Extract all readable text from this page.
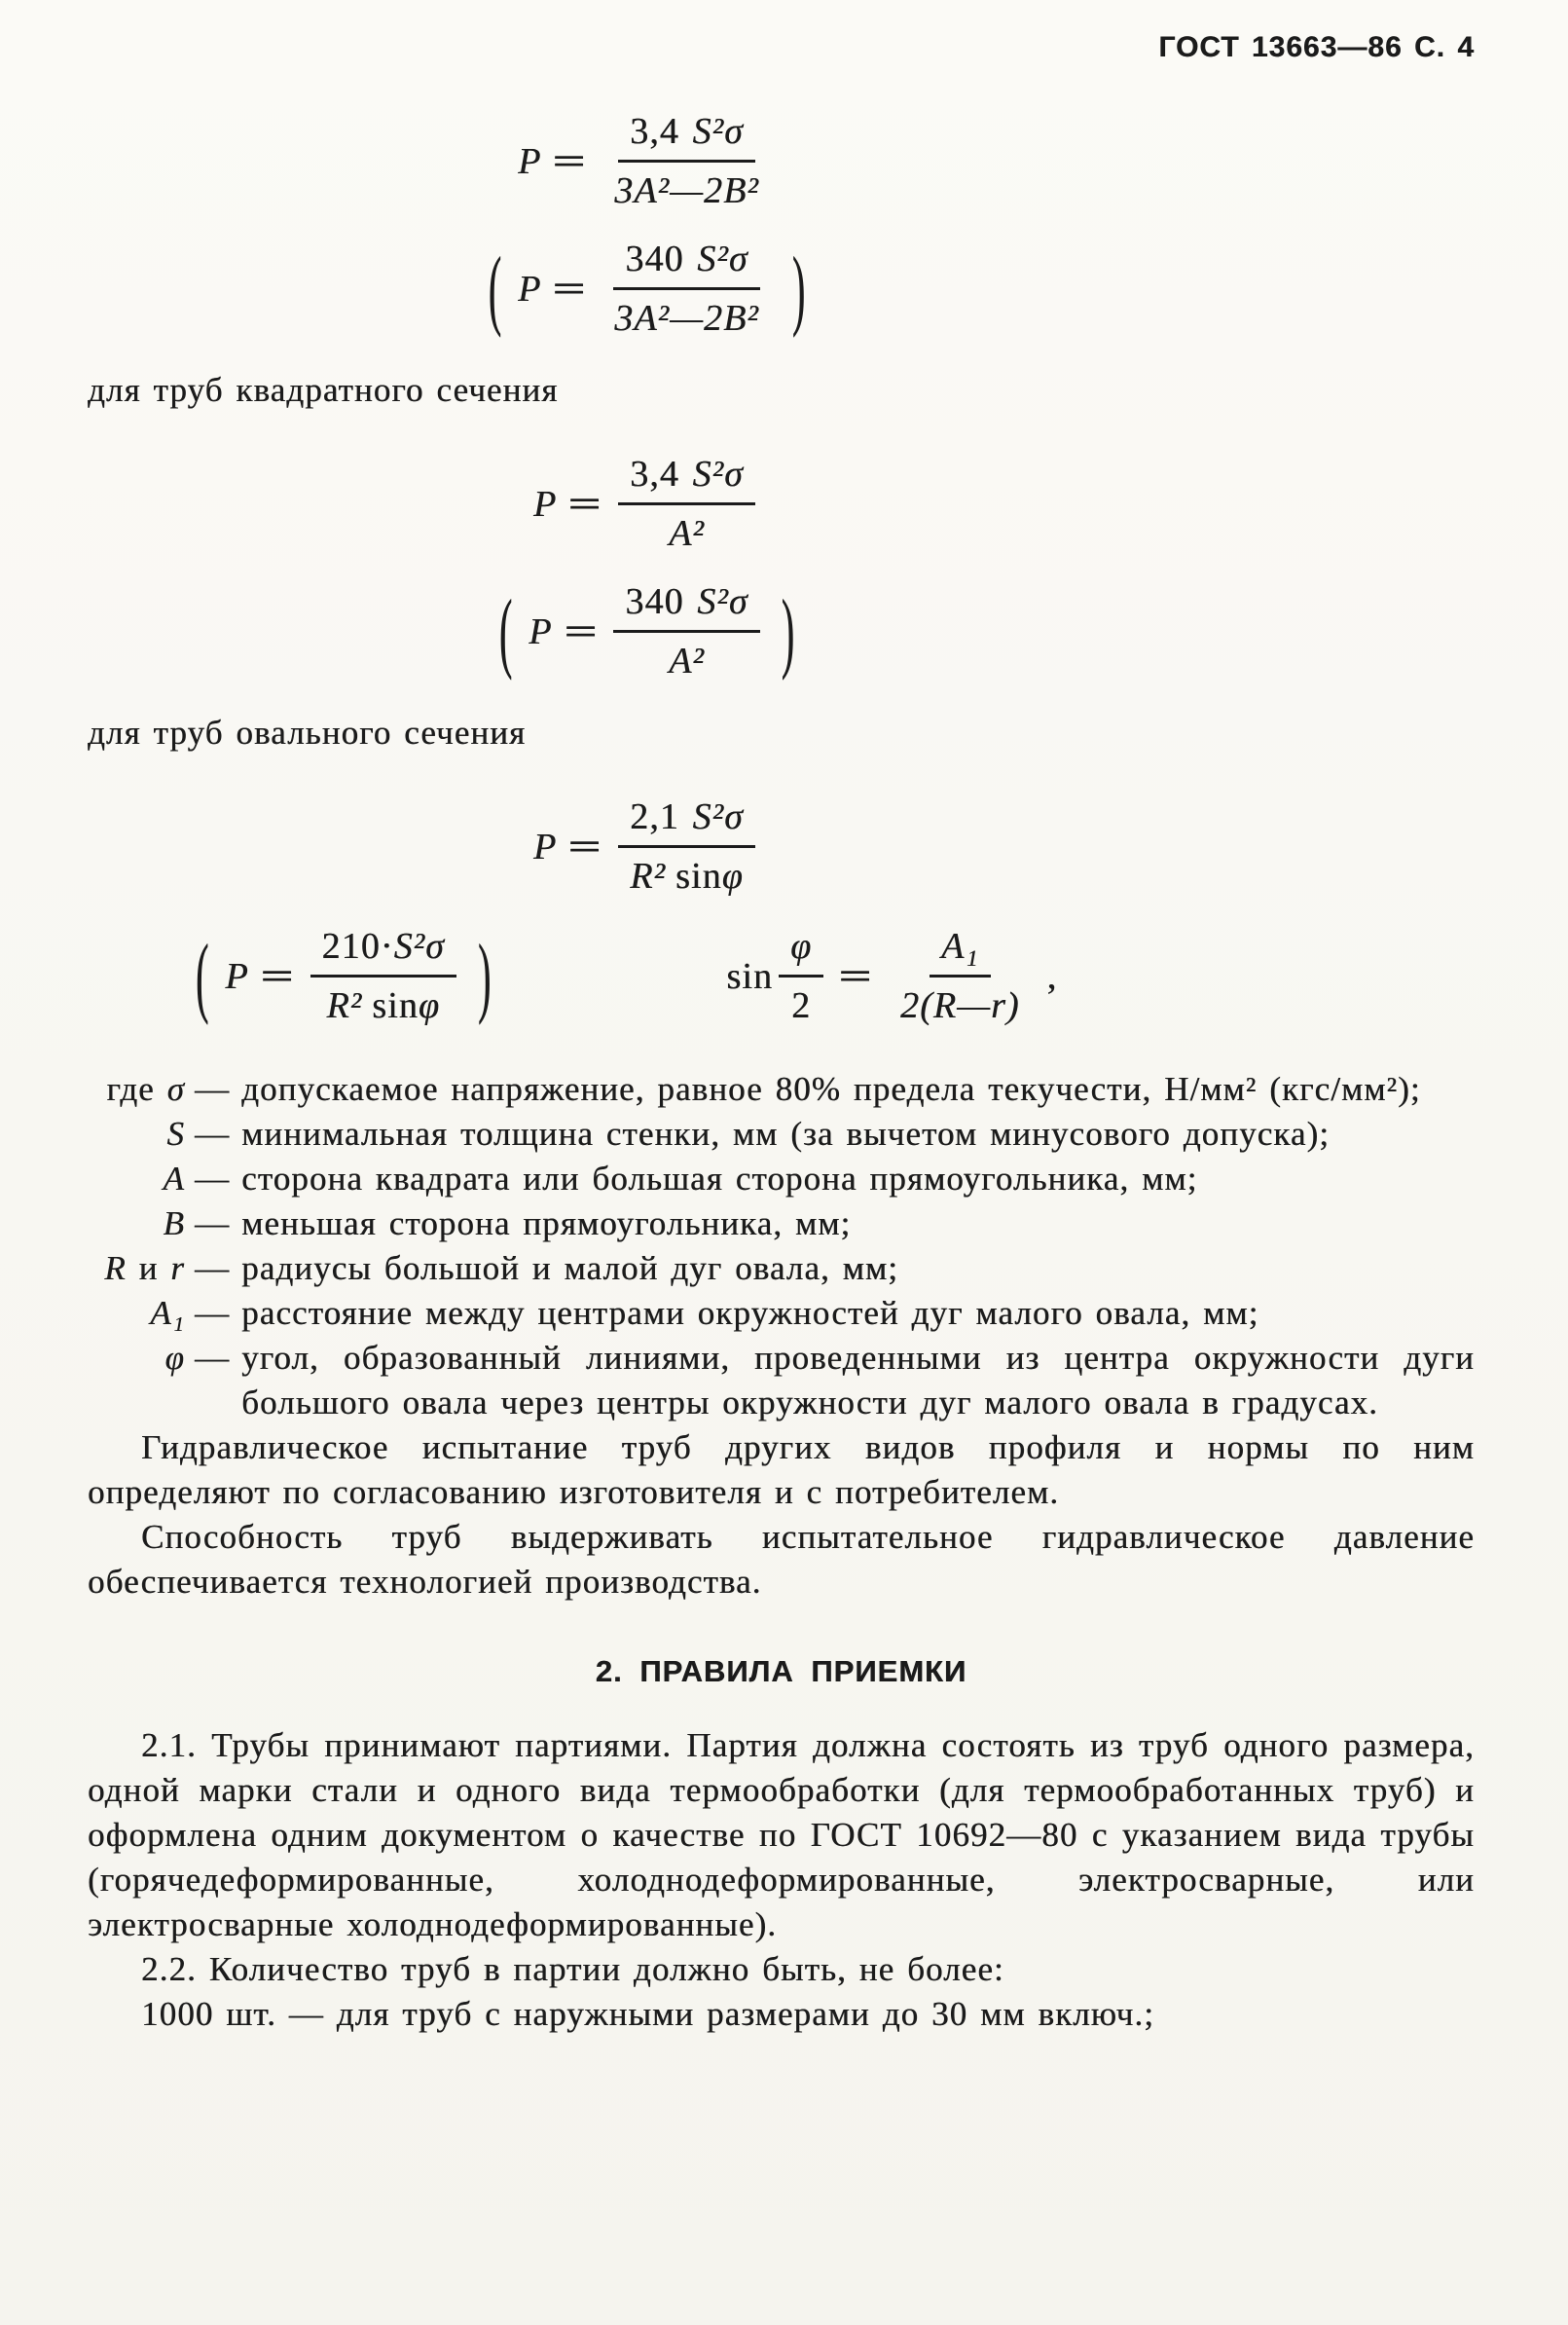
ГОСТ 13663—86 С. 4
$P = \frac{\text{3,4 S²σ}}{\text{3A²—2B²}}$
( $P = \frac{\text{340 S²σ}}{\text{3A²—2B²}}$ )
для труб квадратного сечения
$P = \frac{\text{3,4 S²σ}}{\text{A²}}$
( $P = \frac{\text{340 S²σ}}{\text{A²}}$ )
для труб овального сечения
$P = \frac{\text{2,1 S²σ}}{\text{R² sinφ}}$
( $P = \frac{\text{210·S²σ}}{\text{R² sinφ}}$ )	$\sin \frac{\varphi}{2} = \frac{\text{A₁}}{2(R—r)}$ ,
где σ — допускаемое напряжение, равное 80% предела текучести, Н/мм² (кгс/мм²);
S — минимальная толщина стенки, мм (за вычетом минусового допуска);
A — сторона квадрата или большая сторона прямоугольника, мм;
B — меньшая сторона прямоугольника, мм;
R и r — радиусы большой и малой дуг овала, мм;
A₁ — расстояние между центрами окружностей дуг малого овала, мм;
φ — угол, образованный линиями, проведенными из центра окружности дуги большого овала через центры окружности дуг малого овала в градусах.

Гидравлическое испытание труб других видов профиля и нормы по ним определяют по согласованию изготовителя и с потребителем.

Способность труб выдерживать испытательное гидравлическое давление обеспечивается технологией производства.

2. ПРАВИЛА ПРИЕМКИ

2.1. Трубы принимают партиями. Партия должна состоять из труб одного размера, одной марки стали и одного вида термообработки (для термообработанных труб) и оформлена одним документом о качестве по ГОСТ 10692—80 с указанием вида трубы (горячедеформированные, холоднодеформированные, электросварные, или электросварные холоднодеформированные).

2.2. Количество труб в партии должно быть, не более:

1000 шт. — для труб с наружными размерами до 30 мм включ.;
